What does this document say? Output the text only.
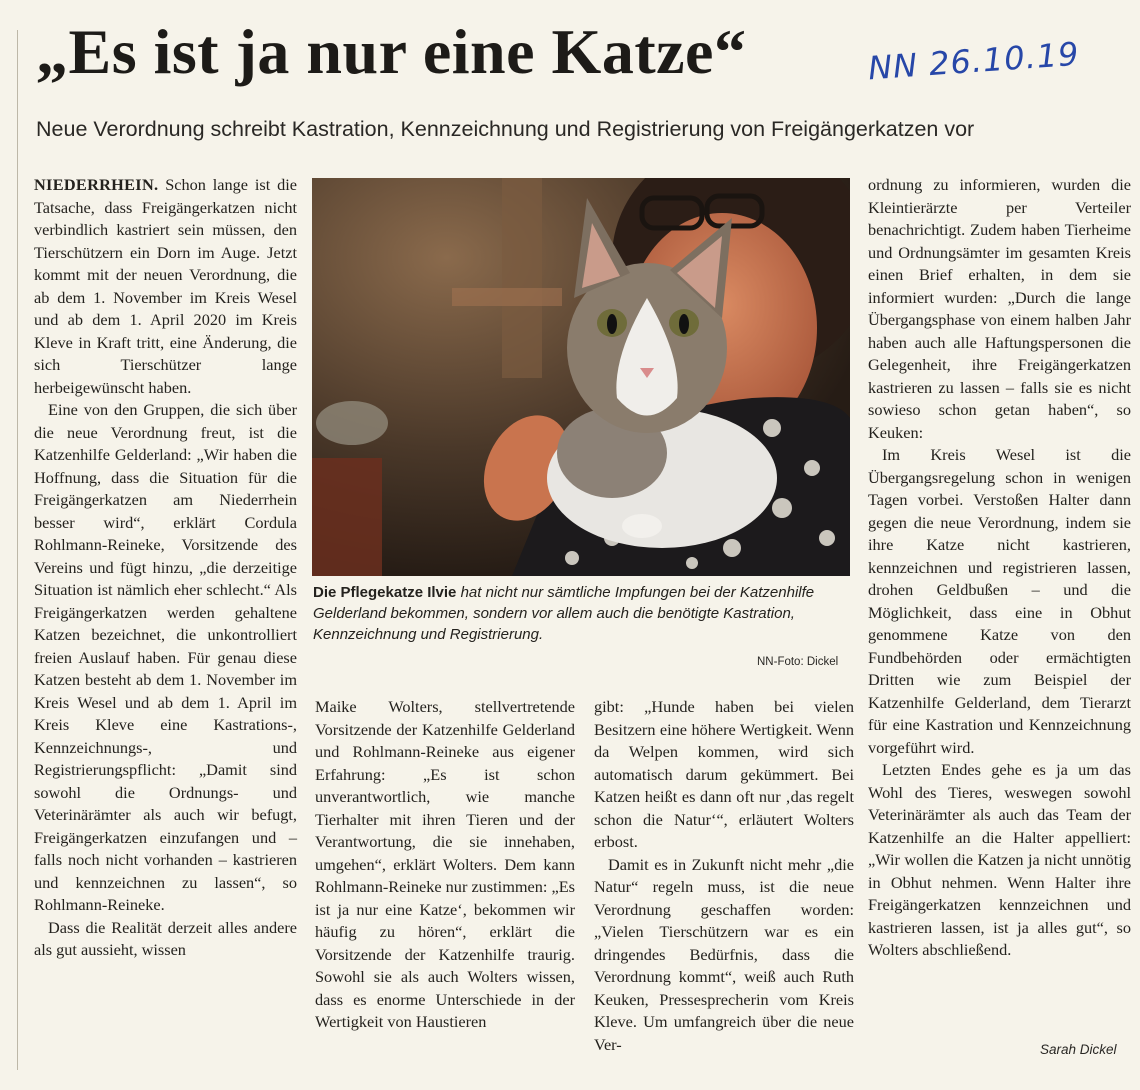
„Es ist ja nur eine Katze“	NN 26.10.19
Neue Verordnung schreibt Kastration, Kennzeichnung und Registrierung von Freigängerkatzen vor

NIEDERRHEIN. Schon lange ist die Tatsache, dass Freigängerkatzen nicht verbindlich kastriert sein müssen, den Tierschützern ein Dorn im Auge. Jetzt kommt mit der neuen Verordnung, die ab dem 1. November im Kreis Wesel und ab dem 1. April 2020 im Kreis Kleve in Kraft tritt, eine Änderung, die sich Tierschützer lange herbeigewünscht haben.

Eine von den Gruppen, die sich über die neue Verordnung freut, ist die Katzenhilfe Gelderland: „Wir haben die Hoffnung, dass die Situation für die Freigängerkatzen am Niederrhein besser wird“, erklärt Cordula Rohlmann-Reineke, Vorsitzende des Vereins und fügt hinzu, „die derzeitige Situation ist nämlich eher schlecht.“ Als Freigängerkatzen werden gehaltene Katzen bezeichnet, die unkontrolliert freien Auslauf haben. Für genau diese Katzen besteht ab dem 1. November im Kreis Wesel und ab dem 1. April im Kreis Kleve eine Kastrations-, Kennzeichnungs-, und Registrierungspflicht: „Damit sind sowohl die Ordnungs- und Veterinärämter als auch wir befugt, Freigängerkatzen einzufangen und – falls noch nicht vorhanden – kastrieren und kennzeichnen zu lassen“, so Rohlmann-Reineke.

Dass die Realität derzeit alles andere als gut aussieht, wissen

Die Pflegekatze Ilvie hat nicht nur sämtliche Impfungen bei der Katzenhilfe Gelderland bekommen, sondern vor allem auch die benötigte Kastration, Kennzeichnung und Registrierung.
NN-Foto: Dickel

Maike Wolters, stellvertretende Vorsitzende der Katzenhilfe Gelderland und Rohlmann-Reineke aus eigener Erfahrung: „Es ist schon unverantwortlich, wie manche Tierhalter mit ihren Tieren und der Verantwortung, die sie innehaben, umgehen“, erklärt Wolters. Dem kann Rohlmann-Reineke nur zustimmen: „Es ist ja nur eine Katze‘, bekommen wir häufig zu hören“, erklärt die Vorsitzende der Katzenhilfe traurig. Sowohl sie als auch Wolters wissen, dass es enorme Unterschiede in der Wertigkeit von Haustieren

gibt: „Hunde haben bei vielen Besitzern eine höhere Wertigkeit. Wenn da Welpen kommen, wird sich automatisch darum gekümmert. Bei Katzen heißt es dann oft nur ‚das regelt schon die Natur‘“, erläutert Wolters erbost.

Damit es in Zukunft nicht mehr „die Natur“ regeln muss, ist die neue Verordnung geschaffen worden: „Vielen Tierschützern war es ein dringendes Bedürfnis, dass die Verordnung kommt“, weiß auch Ruth Keuken, Pressesprecherin vom Kreis Kleve. Um umfangreich über die neue Ver-

ordnung zu informieren, wurden die Kleintierärzte per Verteiler benachrichtigt. Zudem haben Tierheime und Ordnungsämter im gesamten Kreis einen Brief erhalten, in dem sie informiert wurden: „Durch die lange Übergangsphase von einem halben Jahr haben auch alle Haftungspersonen die Gelegenheit, ihre Freigängerkatzen kastrieren zu lassen – falls sie es nicht sowieso schon getan haben“, so Keuken:

Im Kreis Wesel ist die Übergangsregelung schon in wenigen Tagen vorbei. Verstoßen Halter dann gegen die neue Verordnung, indem sie ihre Katze nicht kastrieren, kennzeichnen und registrieren lassen, drohen Geldbußen – und die Möglichkeit, dass eine in Obhut genommene Katze von den Fundbehörden oder ermächtigten Dritten wie zum Beispiel der Katzenhilfe Gelderland, dem Tierarzt für eine Kastration und Kennzeichnung vorgeführt wird.

Letzten Endes gehe es ja um das Wohl des Tieres, weswegen sowohl Veterinärämter als auch das Team der Katzenhilfe an die Halter appelliert: „Wir wollen die Katzen ja nicht unnötig in Obhut nehmen. Wenn Halter ihre Freigängerkatzen kennzeichnen und kastrieren lassen, ist ja alles gut“, so Wolters abschließend.

Sarah Dickel
